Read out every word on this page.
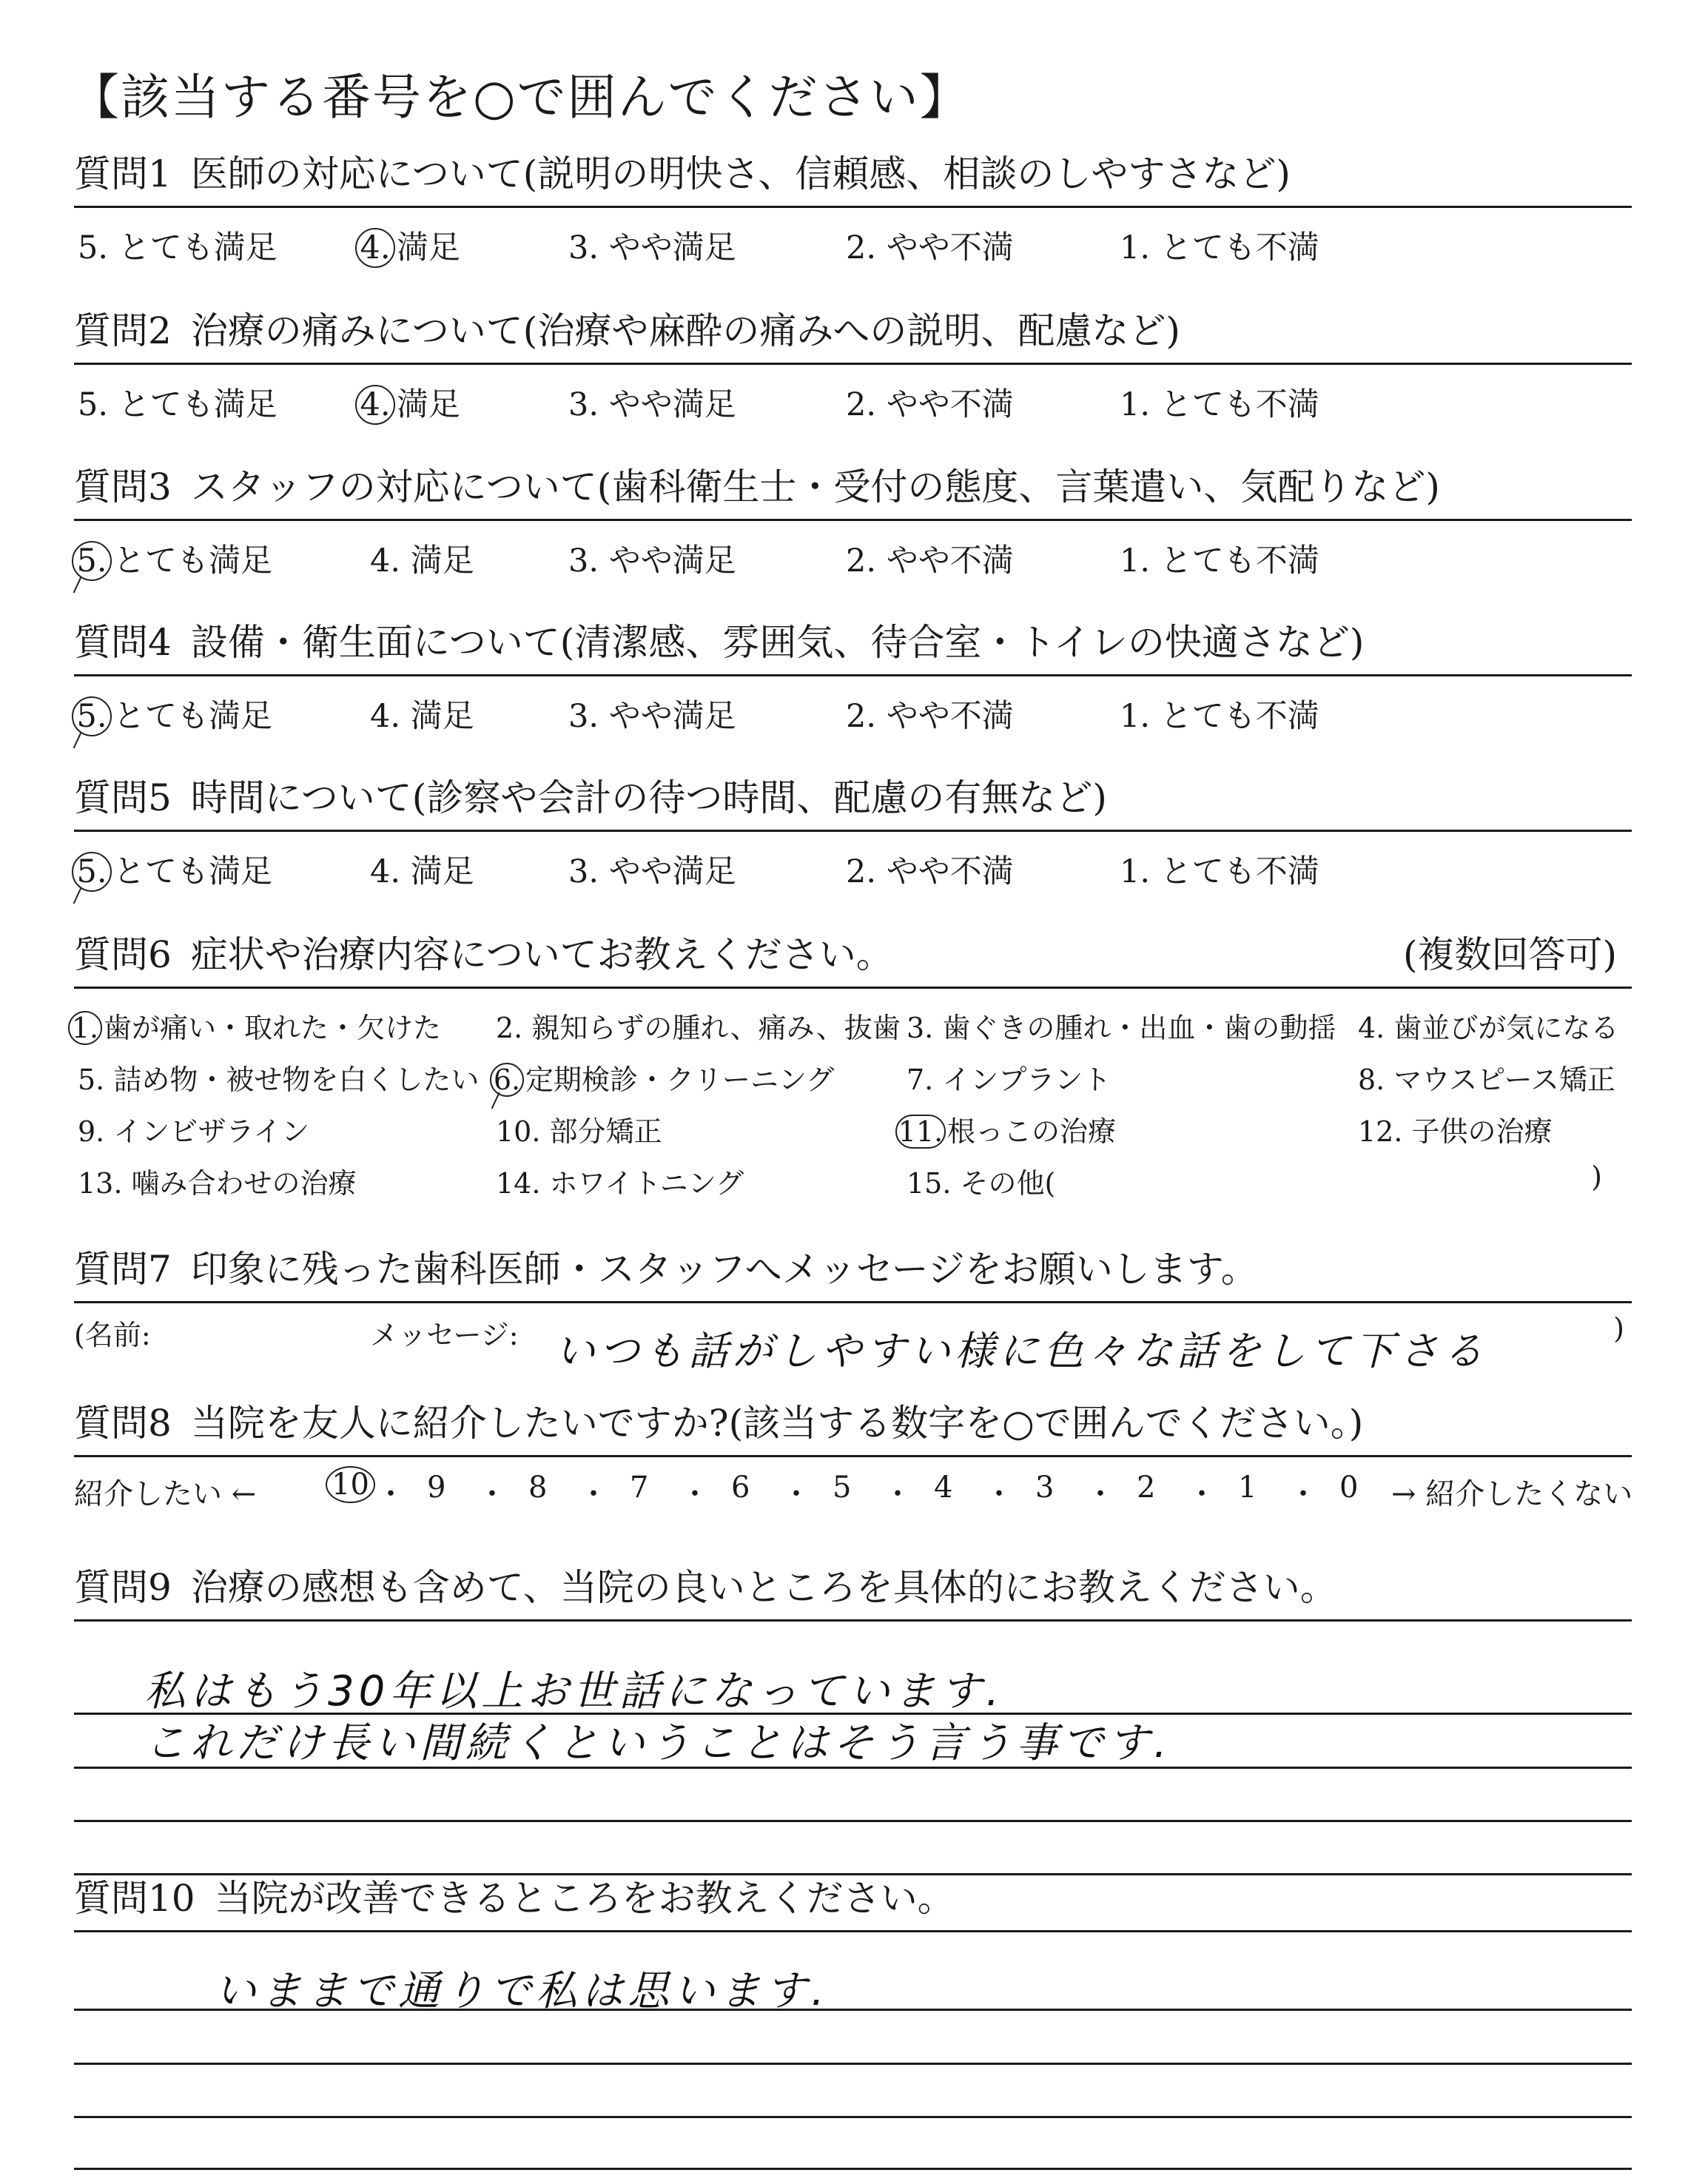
【該当する番号を○で囲んでください】
質問1 医師の対応について(説明の明快さ、信頼感、相談のしやすさなど)
5. とても満足	4. 満足	3. やや満足	2. やや不満	1. とても不満
質問2 治療の痛みについて(治療や麻酔の痛みへの説明、配慮など)
5. とても満足	4. 満足	3. やや満足	2. やや不満	1. とても不満
質問3 スタッフの対応について(歯科衛生士・受付の態度、言葉遣い、気配りなど)
5. とても満足	4. 満足	3. やや満足	2. やや不満	1. とても不満
質問4 設備・衛生面について(清潔感、雰囲気、待合室・トイレの快適さなど)
5. とても満足	4. 満足	3. やや満足	2. やや不満	1. とても不満
質問5 時間について(診察や会計の待つ時間、配慮の有無など)
5. とても満足	4. 満足	3. やや満足	2. やや不満	1. とても不満
質問6 症状や治療内容についてお教えください。	(複数回答可)
1. 歯が痛い・取れた・欠けた 2. 親知らずの腫れ、痛み、抜歯 3. 歯ぐきの腫れ・出血・歯の動揺 4. 歯並びが気になる
5. 詰め物・被せ物を白くしたい 6. 定期検診・クリーニング	7. インプラント	8. マウスピース矯正
9. インビザライン	10. 部分矯正	11. 根っこの治療	12. 子供の治療
13. 噛み合わせの治療	14. ホワイトニング	15. その他(	)
質問7 印象に残った歯科医師・スタッフへメッセージをお願いします。
(名前:	メッセージ: いつも話がしやすい様に色々な話をして下さる	)
質問8 当院を友人に紹介したいですか?(該当する数字を○で囲んでください。)
紹介したい ←	→ 紹介したくない
10 ・ 9 ・ 8 ・ 7 ・ 6 ・ 5 ・ 4 ・ 3 ・ 2 ・ 1 ・ 0
質問9 治療の感想も含めて、当院の良いところを具体的にお教えください。
私はもう30年以上お世話になっています.
これだけ長い間続くということはそう言う事です.
質問10 当院が改善できるところをお教えください。
いままで通りで私は思います.
